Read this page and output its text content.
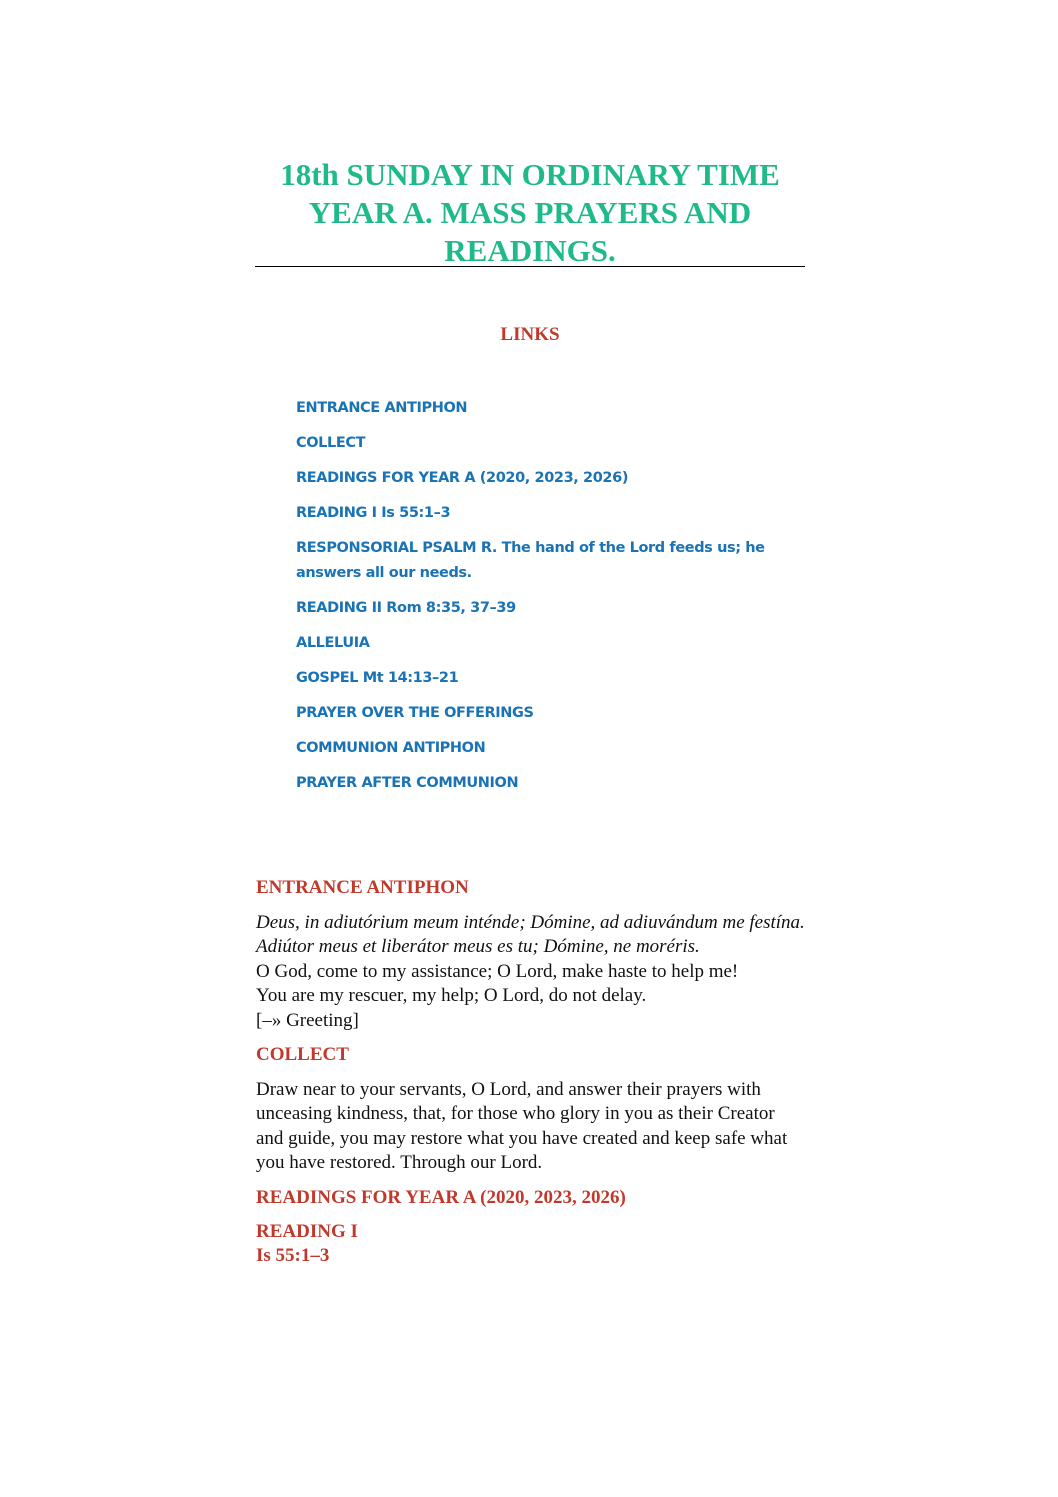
18th SUNDAY IN ORDINARY TIME YEAR A. MASS PRAYERS AND READINGS.
LINKS
ENTRANCE ANTIPHON
COLLECT
READINGS FOR YEAR A (2020, 2023, 2026)
READING I Is 55:1–3
RESPONSORIAL PSALM R. The hand of the Lord feeds us; he answers all our needs.
READING II Rom 8:35, 37–39
ALLELUIA
GOSPEL Mt 14:13–21
PRAYER OVER THE OFFERINGS
COMMUNION ANTIPHON
PRAYER AFTER COMMUNION
ENTRANCE ANTIPHON

Deus, in adiutórium meum inténde; Dómine, ad adiuvándum me festína. Adiútor meus et liberátor meus es tu; Dómine, ne moréris.
O God, come to my assistance; O Lord, make haste to help me!
You are my rescuer, my help; O Lord, do not delay.
[–» Greeting]

COLLECT

Draw near to your servants, O Lord, and answer their prayers with unceasing kindness, that, for those who glory in you as their Creator and guide, you may restore what you have created and keep safe what you have restored. Through our Lord.

READINGS FOR YEAR A (2020, 2023, 2026)
READING I
Is 55:1–3
